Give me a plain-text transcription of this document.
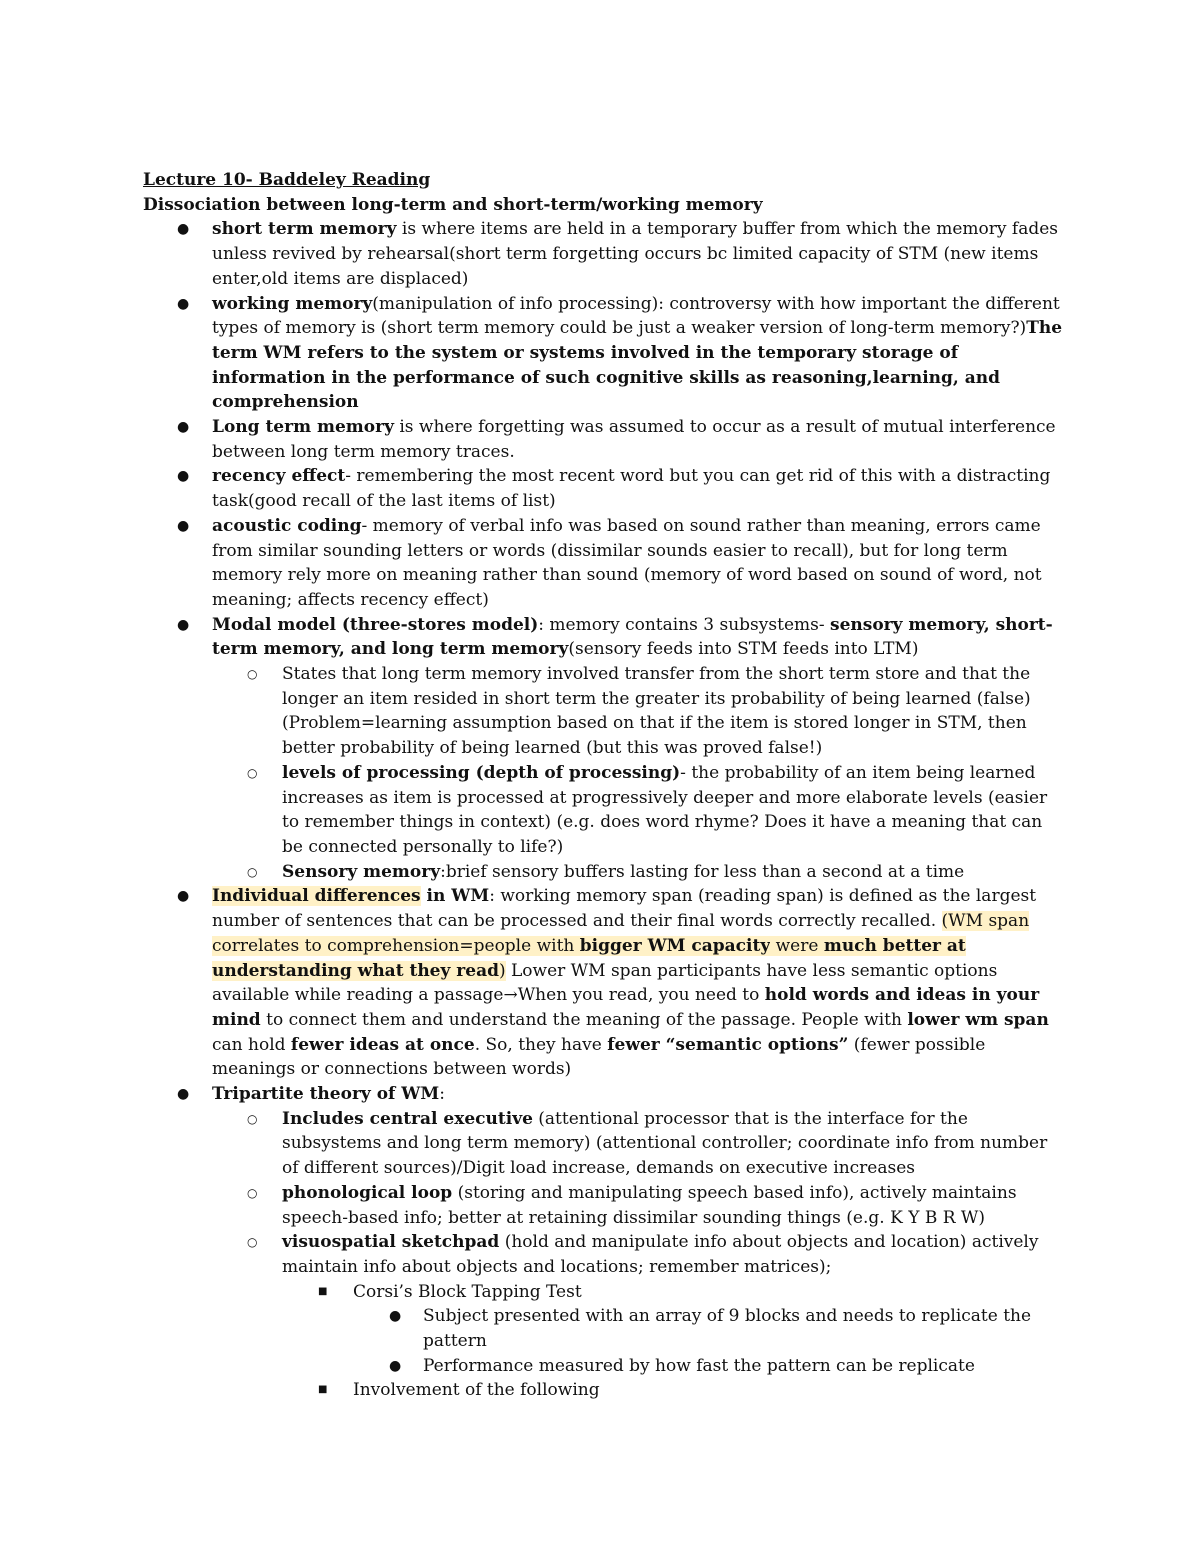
Lecture 10- Baddeley Reading

Dissociation between long-term and short-term/working memory

● short term memory is where items are held in a temporary buffer from which the memory fades unless revived by rehearsal(short term forgetting occurs bc limited capacity of STM (new items enter,old items are displaced)
● working memory(manipulation of info processing): controversy with how important the different types of memory is (short term memory could be just a weaker version of long-term memory?)The term WM refers to the system or systems involved in the temporary storage of information in the performance of such cognitive skills as reasoning,learning, and comprehension
● Long term memory is where forgetting was assumed to occur as a result of mutual interference between long term memory traces.
● recency effect- remembering the most recent word but you can get rid of this with a distracting task(good recall of the last items of list)
● acoustic coding- memory of verbal info was based on sound rather than meaning, errors came from similar sounding letters or words (dissimilar sounds easier to recall), but for long term memory rely more on meaning rather than sound (memory of word based on sound of word, not meaning; affects recency effect)
● Modal model (three-stores model): memory contains 3 subsystems- sensory memory, short-term memory, and long term memory(sensory feeds into STM feeds into LTM)
○ States that long term memory involved transfer from the short term store and that the longer an item resided in short term the greater its probability of being learned (false)(Problem=learning assumption based on that if the item is stored longer in STM, then better probability of being learned (but this was proved false!)
○ levels of processing (depth of processing)- the probability of an item being learned increases as item is processed at progressively deeper and more elaborate levels (easier to remember things in context) (e.g. does word rhyme? Does it have a meaning that can be connected personally to life?)
○ Sensory memory:brief sensory buffers lasting for less than a second at a time
● Individual differences in WM: working memory span (reading span) is defined as the largest number of sentences that can be processed and their final words correctly recalled. (WM span correlates to comprehension=people with bigger WM capacity were much better at understanding what they read) Lower WM span participants have less semantic options available while reading a passage→When you read, you need to hold words and ideas in your mind to connect them and understand the meaning of the passage. People with lower wm span can hold fewer ideas at once. So, they have fewer “semantic options” (fewer possible meanings or connections between words)
● Tripartite theory of WM:
○ Includes central executive (attentional processor that is the interface for the subsystems and long term memory) (attentional controller; coordinate info from number of different sources)/Digit load increase, demands on executive increases
○ phonological loop (storing and manipulating speech based info), actively maintains speech-based info; better at retaining dissimilar sounding things (e.g. K Y B R W)
○ visuospatial sketchpad (hold and manipulate info about objects and location) actively maintain info about objects and locations; remember matrices);
■ Corsi’s Block Tapping Test
● Subject presented with an array of 9 blocks and needs to replicate the pattern
● Performance measured by how fast the pattern can be replicate
■ Involvement of the following
